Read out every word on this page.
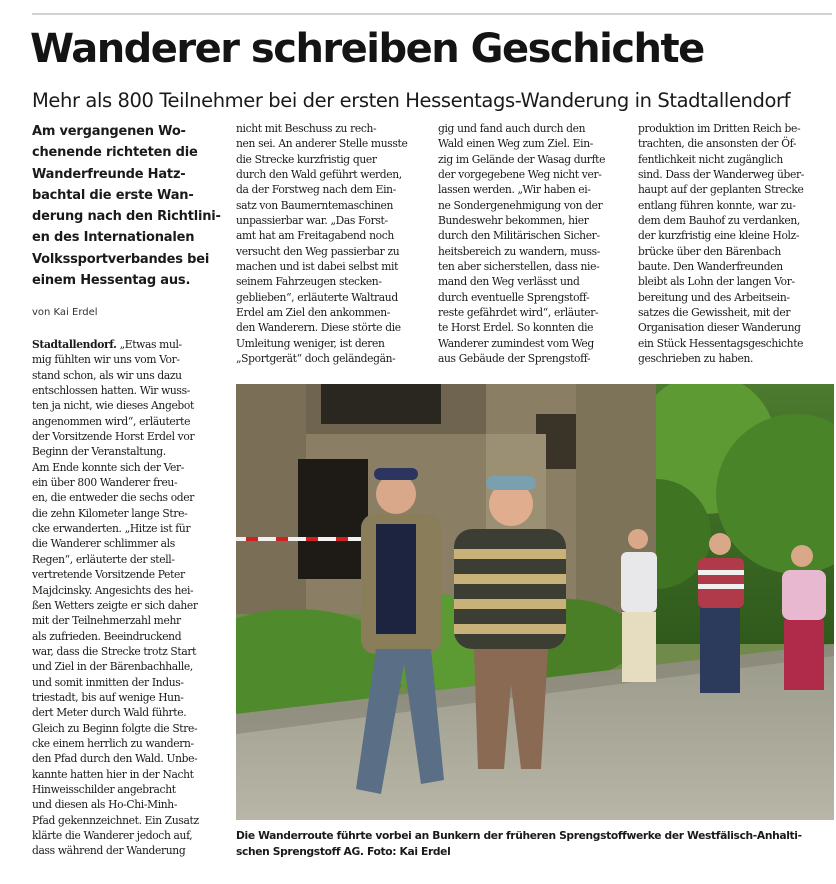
Wanderer schreiben Geschichte
Mehr als 800 Teilnehmer bei der ersten Hessentags-Wanderung in Stadtallendorf
Am vergangenen Wo-
chenende richteten die
Wanderfreunde Hatz-
bachtal die erste Wan-
derung nach den Richtlini-
en des Internationalen
Volkssportverbandes bei
einem Hessentag aus.
von Kai Erdel
Stadtallendorf. „Etwas mul-
mig fühlten wir uns vom Vor-
stand schon, als wir uns dazu
entschlossen hatten. Wir wuss-
ten ja nicht, wie dieses Angebot
angenommen wird“, erläuterte
der Vorsitzende Horst Erdel vor
Beginn der Veranstaltung.
Am Ende konnte sich der Ver-
ein über 800 Wanderer freu-
en, die entweder die sechs oder
die zehn Kilometer lange Stre-
cke erwanderten. „Hitze ist für
die Wanderer schlimmer als
Regen“, erläuterte der stell-
vertretende Vorsitzende Peter
Majdcinsky. Angesichts des hei-
ßen Wetters zeigte er sich daher
mit der Teilnehmerzahl mehr
als zufrieden. Beeindruckend
war, dass die Strecke trotz Start
und Ziel in der Bärenbachhalle,
und somit inmitten der Indus-
triestadt, bis auf wenige Hun-
dert Meter durch Wald führte.
Gleich zu Beginn folgte die Stre-
cke einem herrlich zu wandern-
den Pfad durch den Wald. Unbe-
kannte hatten hier in der Nacht
Hinweisschilder angebracht
und diesen als Ho-Chi-Minh-
Pfad gekennzeichnet. Ein Zusatz
klärte die Wanderer jedoch auf,
dass während der Wanderung
nicht mit Beschuss zu rech-
nen sei. An anderer Stelle musste
die Strecke kurzfristig quer
durch den Wald geführt werden,
da der Forstweg nach dem Ein-
satz von Baumerntemaschinen
unpassierbar war. „Das Forst-
amt hat am Freitagabend noch
versucht den Weg passierbar zu
machen und ist dabei selbst mit
seinem Fahrzeugen stecken-
geblieben“, erläuterte Waltraud
Erdel am Ziel den ankommen-
den Wanderern. Diese störte die
Umleitung weniger, ist deren
„Sportgerät“ doch geländegän-
gig und fand auch durch den
Wald einen Weg zum Ziel. Ein-
zig im Gelände der Wasag durfte
der vorgegebene Weg nicht ver-
lassen werden. „Wir haben ei-
ne Sondergenehmigung von der
Bundeswehr bekommen, hier
durch den Militärischen Sicher-
heitsbereich zu wandern, muss-
ten aber sicherstellen, dass nie-
mand den Weg verlässt und
durch eventuelle Sprengstoff-
reste gefährdet wird“, erläuter-
te Horst Erdel. So konnten die
Wanderer zumindest vom Weg
aus Gebäude der Sprengstoff-
produktion im Dritten Reich be-
trachten, die ansonsten der Öf-
fentlichkeit nicht zugänglich
sind. Dass der Wanderweg über-
haupt auf der geplanten Strecke
entlang führen konnte, war zu-
dem dem Bauhof zu verdanken,
der kurzfristig eine kleine Holz-
brücke über den Bärenbach
baute. Den Wanderfreunden
bleibt als Lohn der langen Vor-
bereitung und des Arbeitsein-
satzes die Gewissheit, mit der
Organisation dieser Wanderung
ein Stück Hessentagsgeschichte
geschrieben zu haben.
Die Wanderroute führte vorbei an Bunkern der früheren Sprengstoffwerke der Westfälisch-Anhalti-
schen Sprengstoff AG. Foto: Kai Erdel
